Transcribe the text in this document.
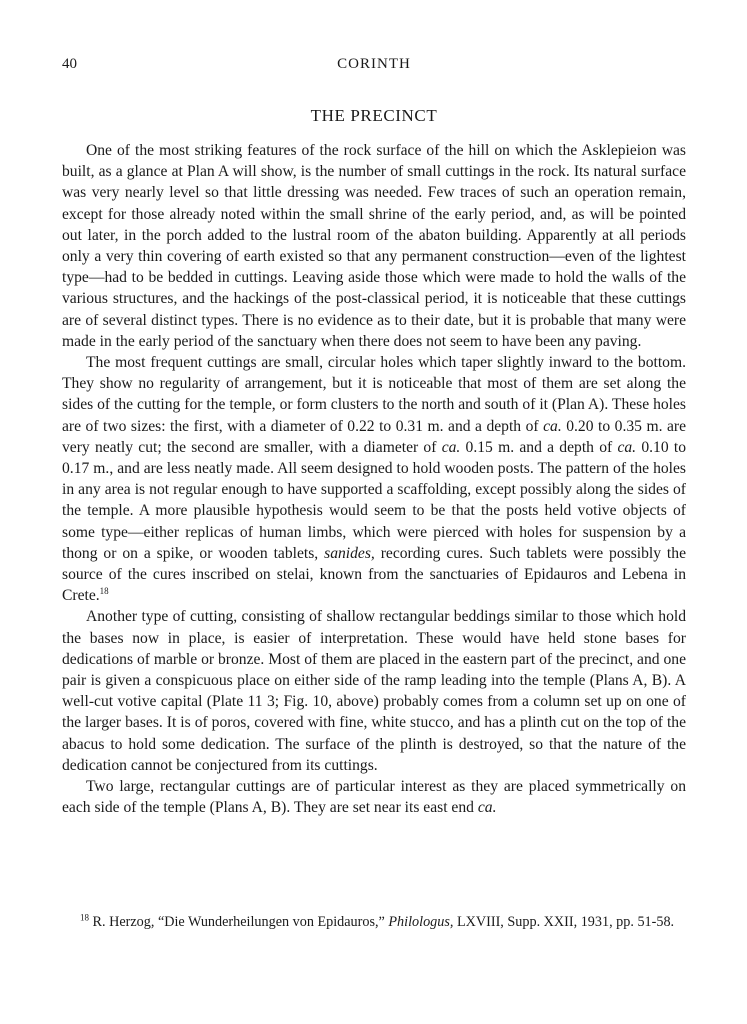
40	CORINTH
THE PRECINCT

One of the most striking features of the rock surface of the hill on which the Asklepieion was built, as a glance at Plan A will show, is the number of small cuttings in the rock. Its natural surface was very nearly level so that little dressing was needed. Few traces of such an operation remain, except for those already noted within the small shrine of the early period, and, as will be pointed out later, in the porch added to the lustral room of the abaton building. Apparently at all periods only a very thin covering of earth existed so that any permanent construction—even of the lightest type—had to be bedded in cuttings. Leaving aside those which were made to hold the walls of the various structures, and the hackings of the post-classical period, it is noticeable that these cuttings are of several distinct types. There is no evidence as to their date, but it is probable that many were made in the early period of the sanctuary when there does not seem to have been any paving.

The most frequent cuttings are small, circular holes which taper slightly inward to the bottom. They show no regularity of arrangement, but it is noticeable that most of them are set along the sides of the cutting for the temple, or form clusters to the north and south of it (Plan A). These holes are of two sizes: the first, with a diameter of 0.22 to 0.31 m. and a depth of ca. 0.20 to 0.35 m. are very neatly cut; the second are smaller, with a diameter of ca. 0.15 m. and a depth of ca. 0.10 to 0.17 m., and are less neatly made. All seem designed to hold wooden posts. The pattern of the holes in any area is not regular enough to have supported a scaffolding, except possibly along the sides of the temple. A more plausible hypothesis would seem to be that the posts held votive objects of some type—either replicas of human limbs, which were pierced with holes for suspension by a thong or on a spike, or wooden tablets, sanides, recording cures. Such tablets were possibly the source of the cures inscribed on stelai, known from the sanctuaries of Epidauros and Lebena in Crete.$^{18}$

Another type of cutting, consisting of shallow rectangular beddings similar to those which hold the bases now in place, is easier of interpretation. These would have held stone bases for dedications of marble or bronze. Most of them are placed in the eastern part of the precinct, and one pair is given a conspicuous place on either side of the ramp leading into the temple (Plans A, B). A well-cut votive capital (Plate 11 3; Fig. 10, above) probably comes from a column set up on one of the larger bases. It is of poros, covered with fine, white stucco, and has a plinth cut on the top of the abacus to hold some dedication. The surface of the plinth is destroyed, so that the nature of the dedication cannot be conjectured from its cuttings.

Two large, rectangular cuttings are of particular interest as they are placed symmetrically on each side of the temple (Plans A, B). They are set near its east end ca.

$^{18}$ R. Herzog, “Die Wunderheilungen von Epidauros,” Philologus, LXVIII, Supp. XXII, 1931, pp. 51-58.
